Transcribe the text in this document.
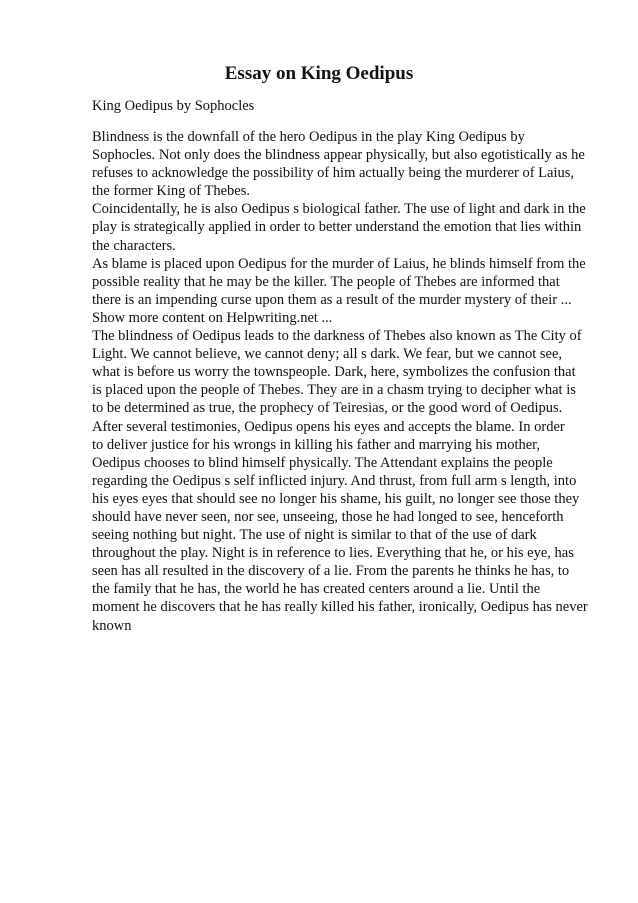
Essay on King Oedipus
King Oedipus by Sophocles
Blindness is the downfall of the hero Oedipus in the play King Oedipus by
Sophocles. Not only does the blindness appear physically, but also egotistically as he
refuses to acknowledge the possibility of him actually being the murderer of Laius,
the former King of Thebes.
Coincidentally, he is also Oedipus s biological father. The use of light and dark in the
play is strategically applied in order to better understand the emotion that lies within
the characters.
As blame is placed upon Oedipus for the murder of Laius, he blinds himself from the
possible reality that he may be the killer. The people of Thebes are informed that
there is an impending curse upon them as a result of the murder mystery of their ...
Show more content on Helpwriting.net ...
The blindness of Oedipus leads to the darkness of Thebes also known as The City of
Light. We cannot believe, we cannot deny; all s dark. We fear, but we cannot see,
what is before us worry the townspeople. Dark, here, symbolizes the confusion that
is placed upon the people of Thebes. They are in a chasm trying to decipher what is
to be determined as true, the prophecy of Teiresias, or the good word of Oedipus.
After several testimonies, Oedipus opens his eyes and accepts the blame. In order
to deliver justice for his wrongs in killing his father and marrying his mother,
Oedipus chooses to blind himself physically. The Attendant explains the people
regarding the Oedipus s self inflicted injury. And thrust, from full arm s length, into
his eyes eyes that should see no longer his shame, his guilt, no longer see those they
should have never seen, nor see, unseeing, those he had longed to see, henceforth
seeing nothing but night. The use of night is similar to that of the use of dark
throughout the play. Night is in reference to lies. Everything that he, or his eye, has
seen has all resulted in the discovery of a lie. From the parents he thinks he has, to
the family that he has, the world he has created centers around a lie. Until the
moment he discovers that he has really killed his father, ironically, Oedipus has never
known
